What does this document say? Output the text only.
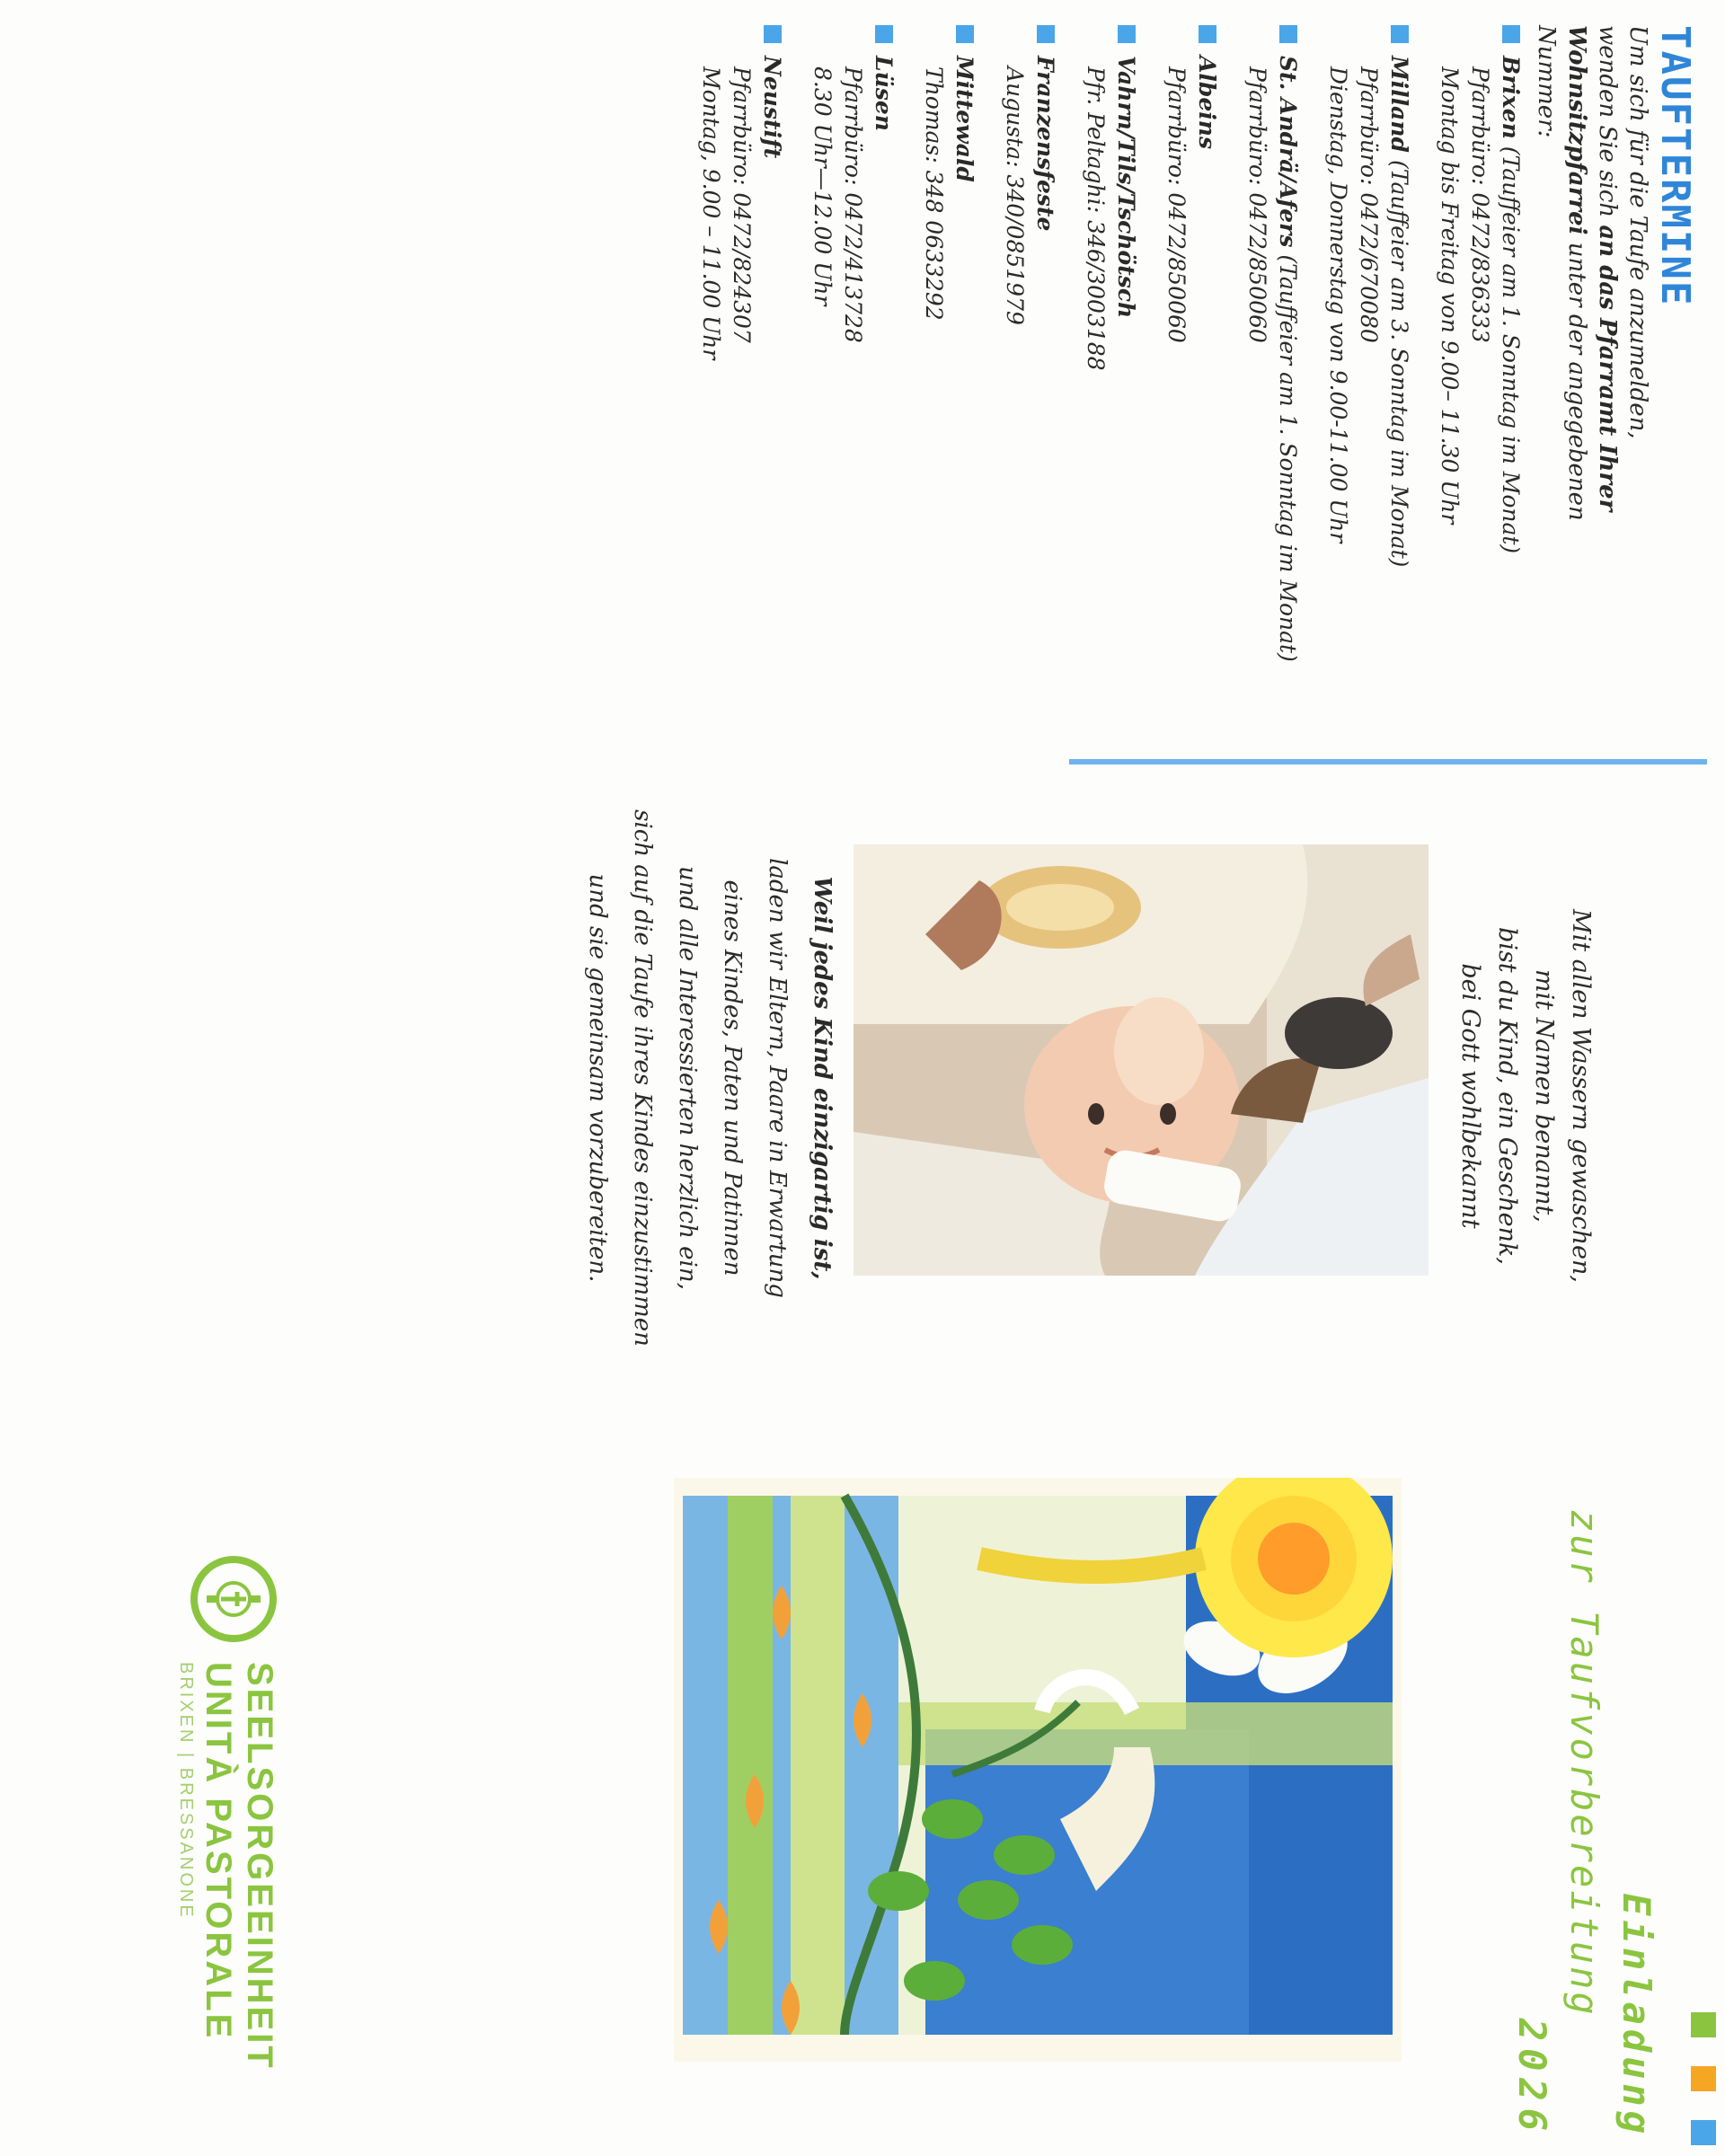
TAUFTERMINE

Um sich für die Taufe anzumelden,
wenden Sie sich an das Pfarramt Ihrer
Wohnsitzpfarrei unter der angegebenen
Nummer:

Brixen (Tauffeier am 1. Sonntag im Monat)
Pfarrbüro: 0472/836333
Montag bis Freitag von 9.00– 11.30 Uhr
Milland (Tauffeier am 3. Sonntag im Monat)
Pfarrbüro: 0472/670080
Dienstag, Donnerstag von 9.00-11.00 Uhr
St. Andrä/Afers (Tauffeier am 1. Sonntag im Monat)
Pfarrbüro: 0472/850060
Albeins
Pfarrbüro: 0472/850060
Vahrn/Tils/Tschötsch
Pfr. Peltaghi: 346/3003188
Franzensfeste
Augusta: 340/0851979
Mittewald
Thomas: 348 0633292
Lüsen
Pfarrbüro: 0472/413728
8.30 Uhr—12.00 Uhr
Neustift
Pfarrbüro: 0472/824307
Montag, 9.00 – 11.00 Uhr
Mit allen Wassern gewaschen,
mit Namen benannt,
bist du Kind, ein Geschenk,
bei Gott wohlbekannt
Weil jedes Kind einzigartig ist,
laden wir Eltern, Paare in Erwartung
eines Kindes, Paten und Patinnen
und alle Interessierten herzlich ein,
sich auf die Taufe ihres Kindes einzustimmen
und sie gemeinsam vorzubereiten.
Einladung
zur Taufvorbereitung
2026
SEELSORGEEINHEIT
UNITÀ PASTORALE
BRIXEN | BRESSANONE
